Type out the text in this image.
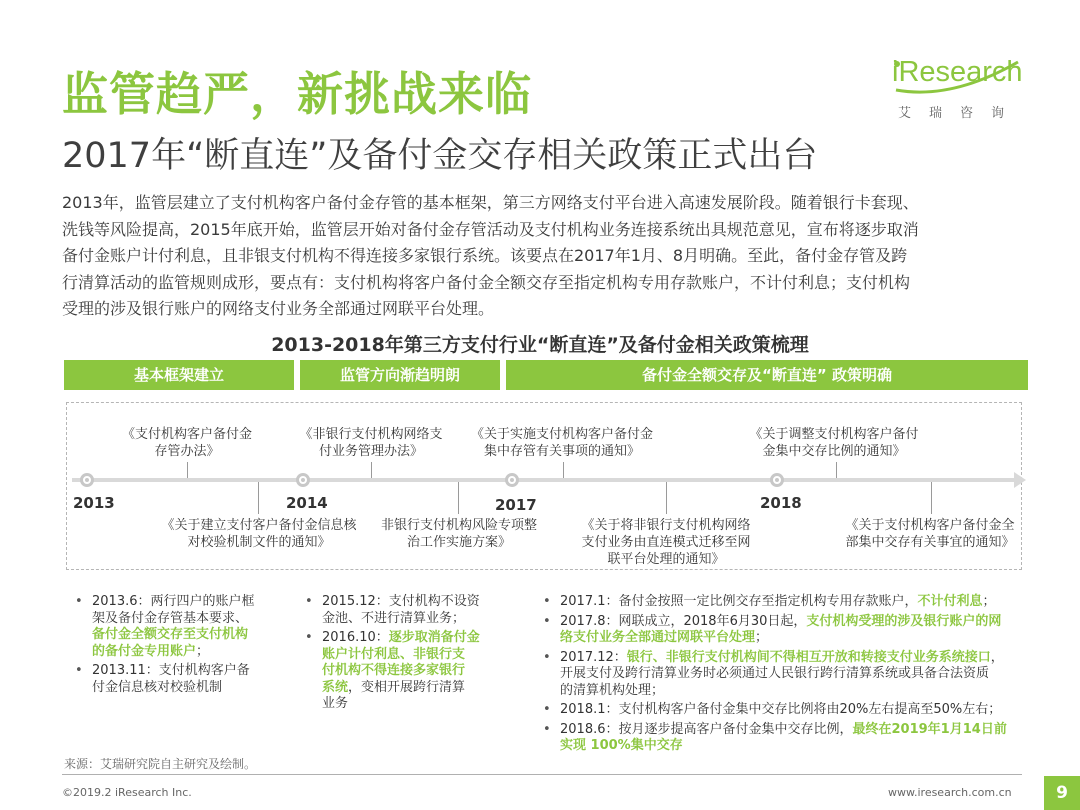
监管趋严，新挑战来临
2017年“断直连”及备付金交存相关政策正式出台
iResearch
艾瑞咨询
2013年，监管层建立了支付机构客户备付金存管的基本框架，第三方网络支付平台进入高速发展阶段。随着银行卡套现、
洗钱等风险提高，2015年底开始，监管层开始对备付金存管活动及支付机构业务连接系统出具规范意见，宣布将逐步取消
备付金账户计付利息，且非银支付机构不得连接多家银行系统。该要点在2017年1月、8月明确。至此，备付金存管及跨
行清算活动的监管规则成形，要点有：支付机构将客户备付金全额交存至指定机构专用存款账户，不计付利息；支付机构
受理的涉及银行账户的网络支付业务全部通过网联平台处理。
2013-2018年第三方支付行业“断直连”及备付金相关政策梳理
基本框架建立	监管方向渐趋明朗	备付金全额交存及“断直连” 政策明确
2013	2014	2017	2018
《支付机构客户备付金
存管办法》
《非银行支付机构网络支
付业务管理办法》
《关于实施支付机构客户备付金
集中存管有关事项的通知》
《关于调整支付机构客户备付
金集中交存比例的通知》
《关于建立支付客户备付金信息核
对校验机制文件的通知》
非银行支付机构风险专项整
治工作实施方案》
《关于将非银行支付机构网络
支付业务由直连模式迁移至网
联平台处理的通知》
《关于支付机构客户备付金全
部集中交存有关事宜的通知》
• 2013.6：两行四户的账户框
架及备付金存管基本要求、
备付金全额交存至支付机构
的备付金专用账户；
• 2013.11：支付机构客户备
付金信息核对校验机制
• 2015.12：支付机构不设资
金池、不进行清算业务；
• 2016.10：逐步取消备付金
账户计付利息、非银行支
付机构不得连接多家银行
系统，变相开展跨行清算
业务
• 2017.1：备付金按照一定比例交存至指定机构专用存款账户，不计付利息；
• 2017.8：网联成立，2018年6月30日起，支付机构受理的涉及银行账户的网
络支付业务全部通过网联平台处理；
• 2017.12：银行、非银行支付机构间不得相互开放和转接支付业务系统接口，
开展支付及跨行清算业务时必须通过人民银行跨行清算系统或具备合法资质
的清算机构处理；
• 2018.1：支付机构客户备付金集中交存比例将由20%左右提高至50%左右；
• 2018.6：按月逐步提高客户备付金集中交存比例，最终在2019年1月14日前
实现 100%集中交存
来源：艾瑞研究院自主研究及绘制。
©2019.2 iResearch Inc.	www.iresearch.com.cn	9
